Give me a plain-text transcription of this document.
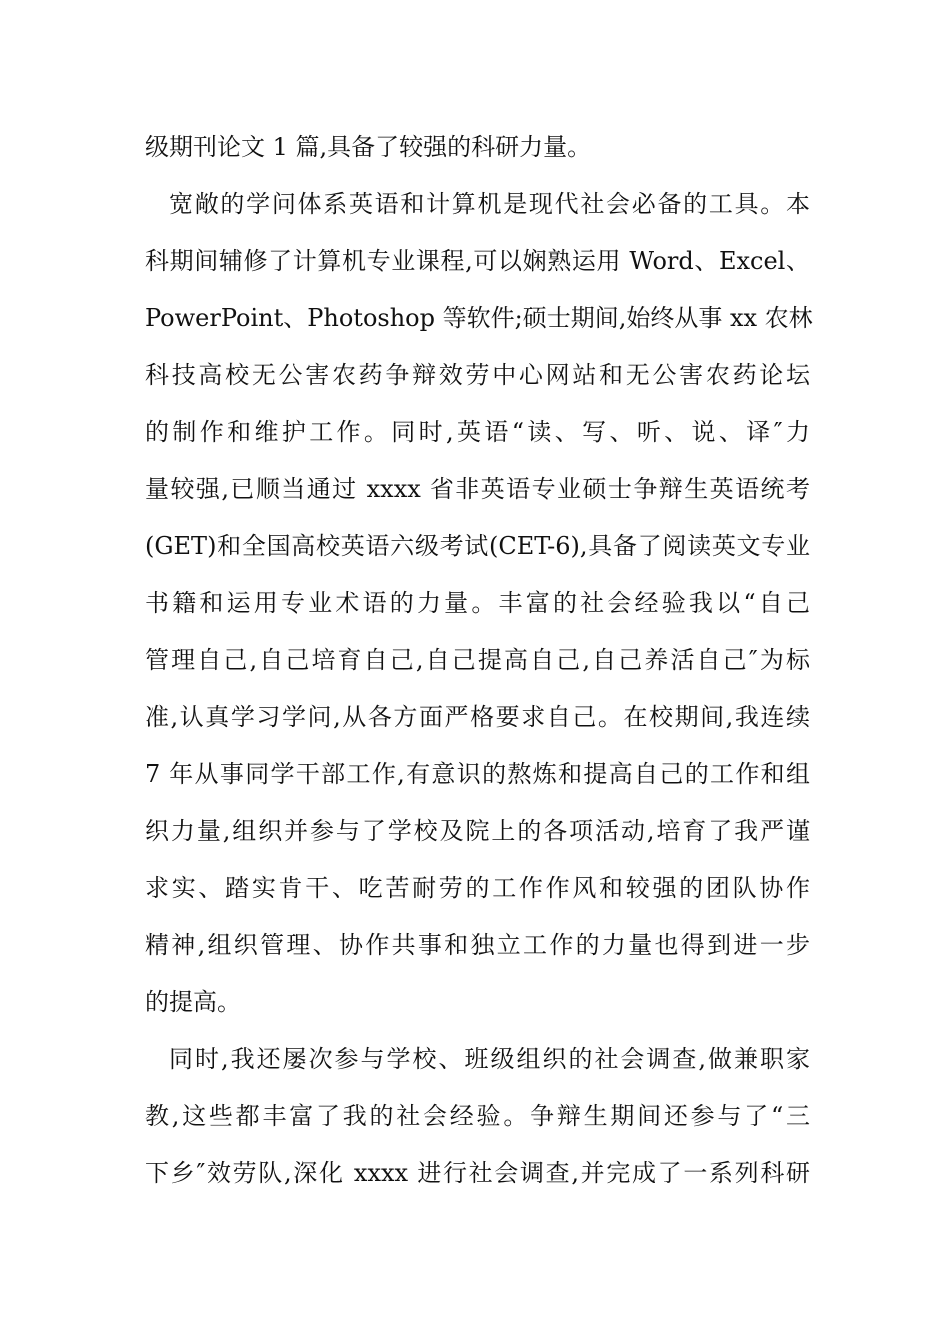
级期刊论文 1 篇,具备了较强的科研力量。
宽敞的学问体系英语和计算机是现代社会必备的工具。本
科期间辅修了计算机专业课程,可以娴熟运用 Word、Excel、
PowerPoint、Photoshop 等软件;硕士期间,始终从事 xx 农林
科技高校无公害农药争辩效劳中心网站和无公害农药论坛
的制作和维护工作。同时,英语“读、写、听、说、译″力
量较强,已顺当通过 xxxx 省非英语专业硕士争辩生英语统考
(GET)和全国高校英语六级考试(CET-6),具备了阅读英文专业
书籍和运用专业术语的力量。丰富的社会经验我以“自己
管理自己,自己培育自己,自己提高自己,自己养活自己″为标
准,认真学习学问,从各方面严格要求自己。在校期间,我连续
7 年从事同学干部工作,有意识的熬炼和提高自己的工作和组
织力量,组织并参与了学校及院上的各项活动,培育了我严谨
求实、踏实肯干、吃苦耐劳的工作作风和较强的团队协作
精神,组织管理、协作共事和独立工作的力量也得到进一步
的提高。
同时,我还屡次参与学校、班级组织的社会调查,做兼职家
教,这些都丰富了我的社会经验。争辩生期间还参与了“三
下乡″效劳队,深化 xxxx 进行社会调查,并完成了一系列科研
